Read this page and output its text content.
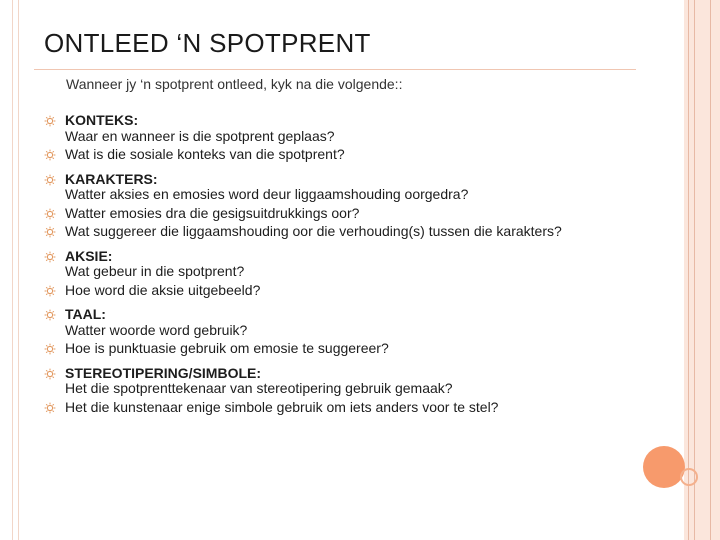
ONTLEED ‘N SPOTPRENT
Wanneer jy ‘n spotprent ontleed, kyk na die volgende::
KONTEKS:
Waar en wanneer is die spotprent geplaas?
Wat is die sosiale konteks van die spotprent?
KARAKTERS:
Watter aksies en emosies word deur liggaamshouding oorgedra?
Watter emosies dra die gesigsuitdrukkings oor?
Wat suggereer die liggaamshouding oor die verhouding(s) tussen die karakters?
AKSIE:
Wat gebeur in die spotprent?
Hoe word die aksie uitgebeeld?
TAAL:
Watter woorde word gebruik?
Hoe is punktuasie gebruik om emosie te suggereer?
STEREOTIPERING/SIMBOLE:
Het die spotprenttekenaar van stereotipering gebruik gemaak?
Het die kunstenaar enige simbole gebruik om iets anders voor te stel?
